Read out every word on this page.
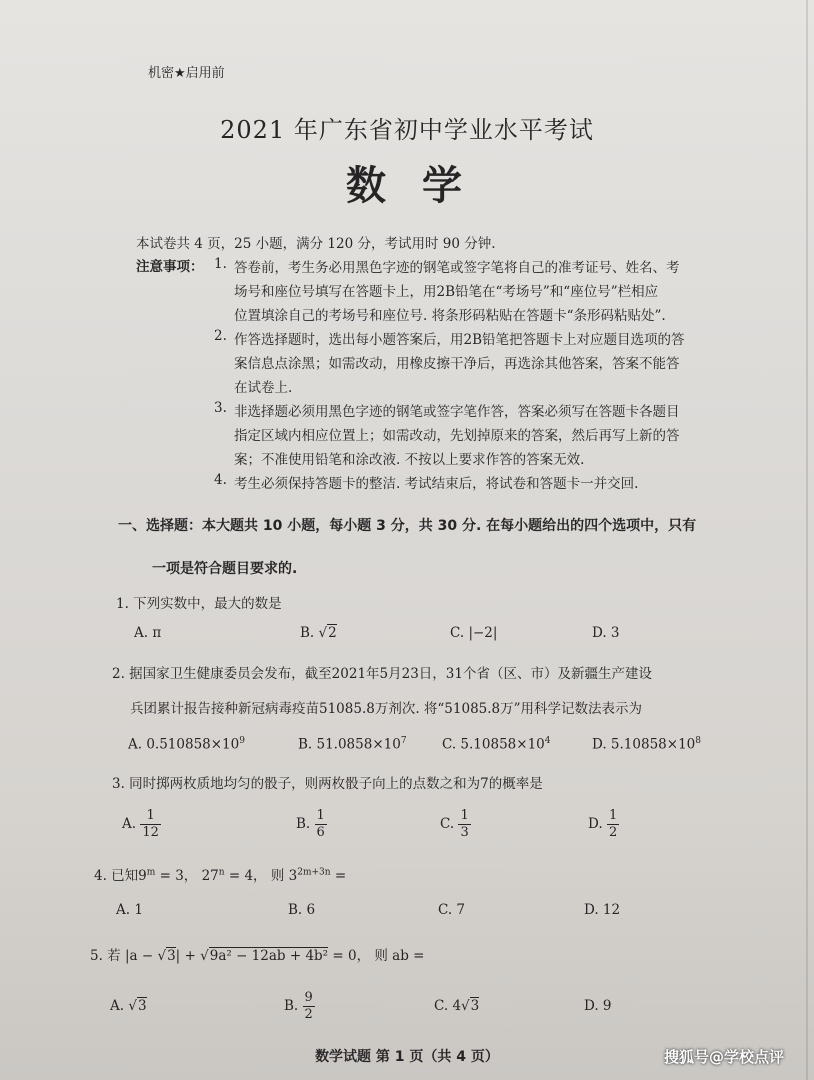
机密★启用前
2021 年广东省初中学业水平考试
数学
本试卷共 4 页，25 小题，满分 120 分，考试用时 90 分钟.
注意事项： 1. 答卷前，考生务必用黑色字迹的钢笔或签字笔将自己的准考证号、姓名、考
场号和座位号填写在答题卡上，用2B铅笔在“考场号”和“座位号”栏相应
位置填涂自己的考场号和座位号. 将条形码粘贴在答题卡“条形码粘贴处”.
2. 作答选择题时，选出每小题答案后，用2B铅笔把答题卡上对应题目选项的答
案信息点涂黑；如需改动，用橡皮擦干净后，再选涂其他答案，答案不能答
在试卷上.
3. 非选择题必须用黑色字迹的钢笔或签字笔作答，答案必须写在答题卡各题目
指定区域内相应位置上；如需改动，先划掉原来的答案，然后再写上新的答
案；不准使用铅笔和涂改液. 不按以上要求作答的答案无效.
4. 考生必须保持答题卡的整洁. 考试结束后，将试卷和答题卡一并交回.
一、选择题：本大题共 10 小题，每小题 3 分，共 30 分. 在每小题给出的四个选项中，只有
一项是符合题目要求的.
1. 下列实数中，最大的数是
A. π	B. √2	C. |−2|	D. 3
2. 据国家卫生健康委员会发布，截至2021年5月23日，31个省（区、市）及新疆生产建设
兵团累计报告接种新冠病毒疫苗51085.8万剂次. 将“51085.8万”用科学记数法表示为
A. $0.510858\times 10^9$	B. $51.0858\times 10^7$	C. $5.10858\times 10^4$	D. $5.10858\times 10^8$
3. 同时掷两枚质地均匀的骰子，则两枚骰子向上的点数之和为7的概率是
A. $\frac{1}{12}$	B. $\frac{1}{6}$	C. $\frac{1}{3}$	D. $\frac{1}{2}$
4. 已知$9^m = 3$， $27^n = 4$， 则 $3^{2m+3n}$ =
A. 1	B. 6	C. 7	D. 12
5. 若 |a − √3| + √9a² − 12ab + 4b² = 0， 则 ab =
A. √3	B. $\frac{9}{2}$	C. 4√3	D. 9
数学试题 第 1 页（共 4 页）	搜狐号@学校点评
